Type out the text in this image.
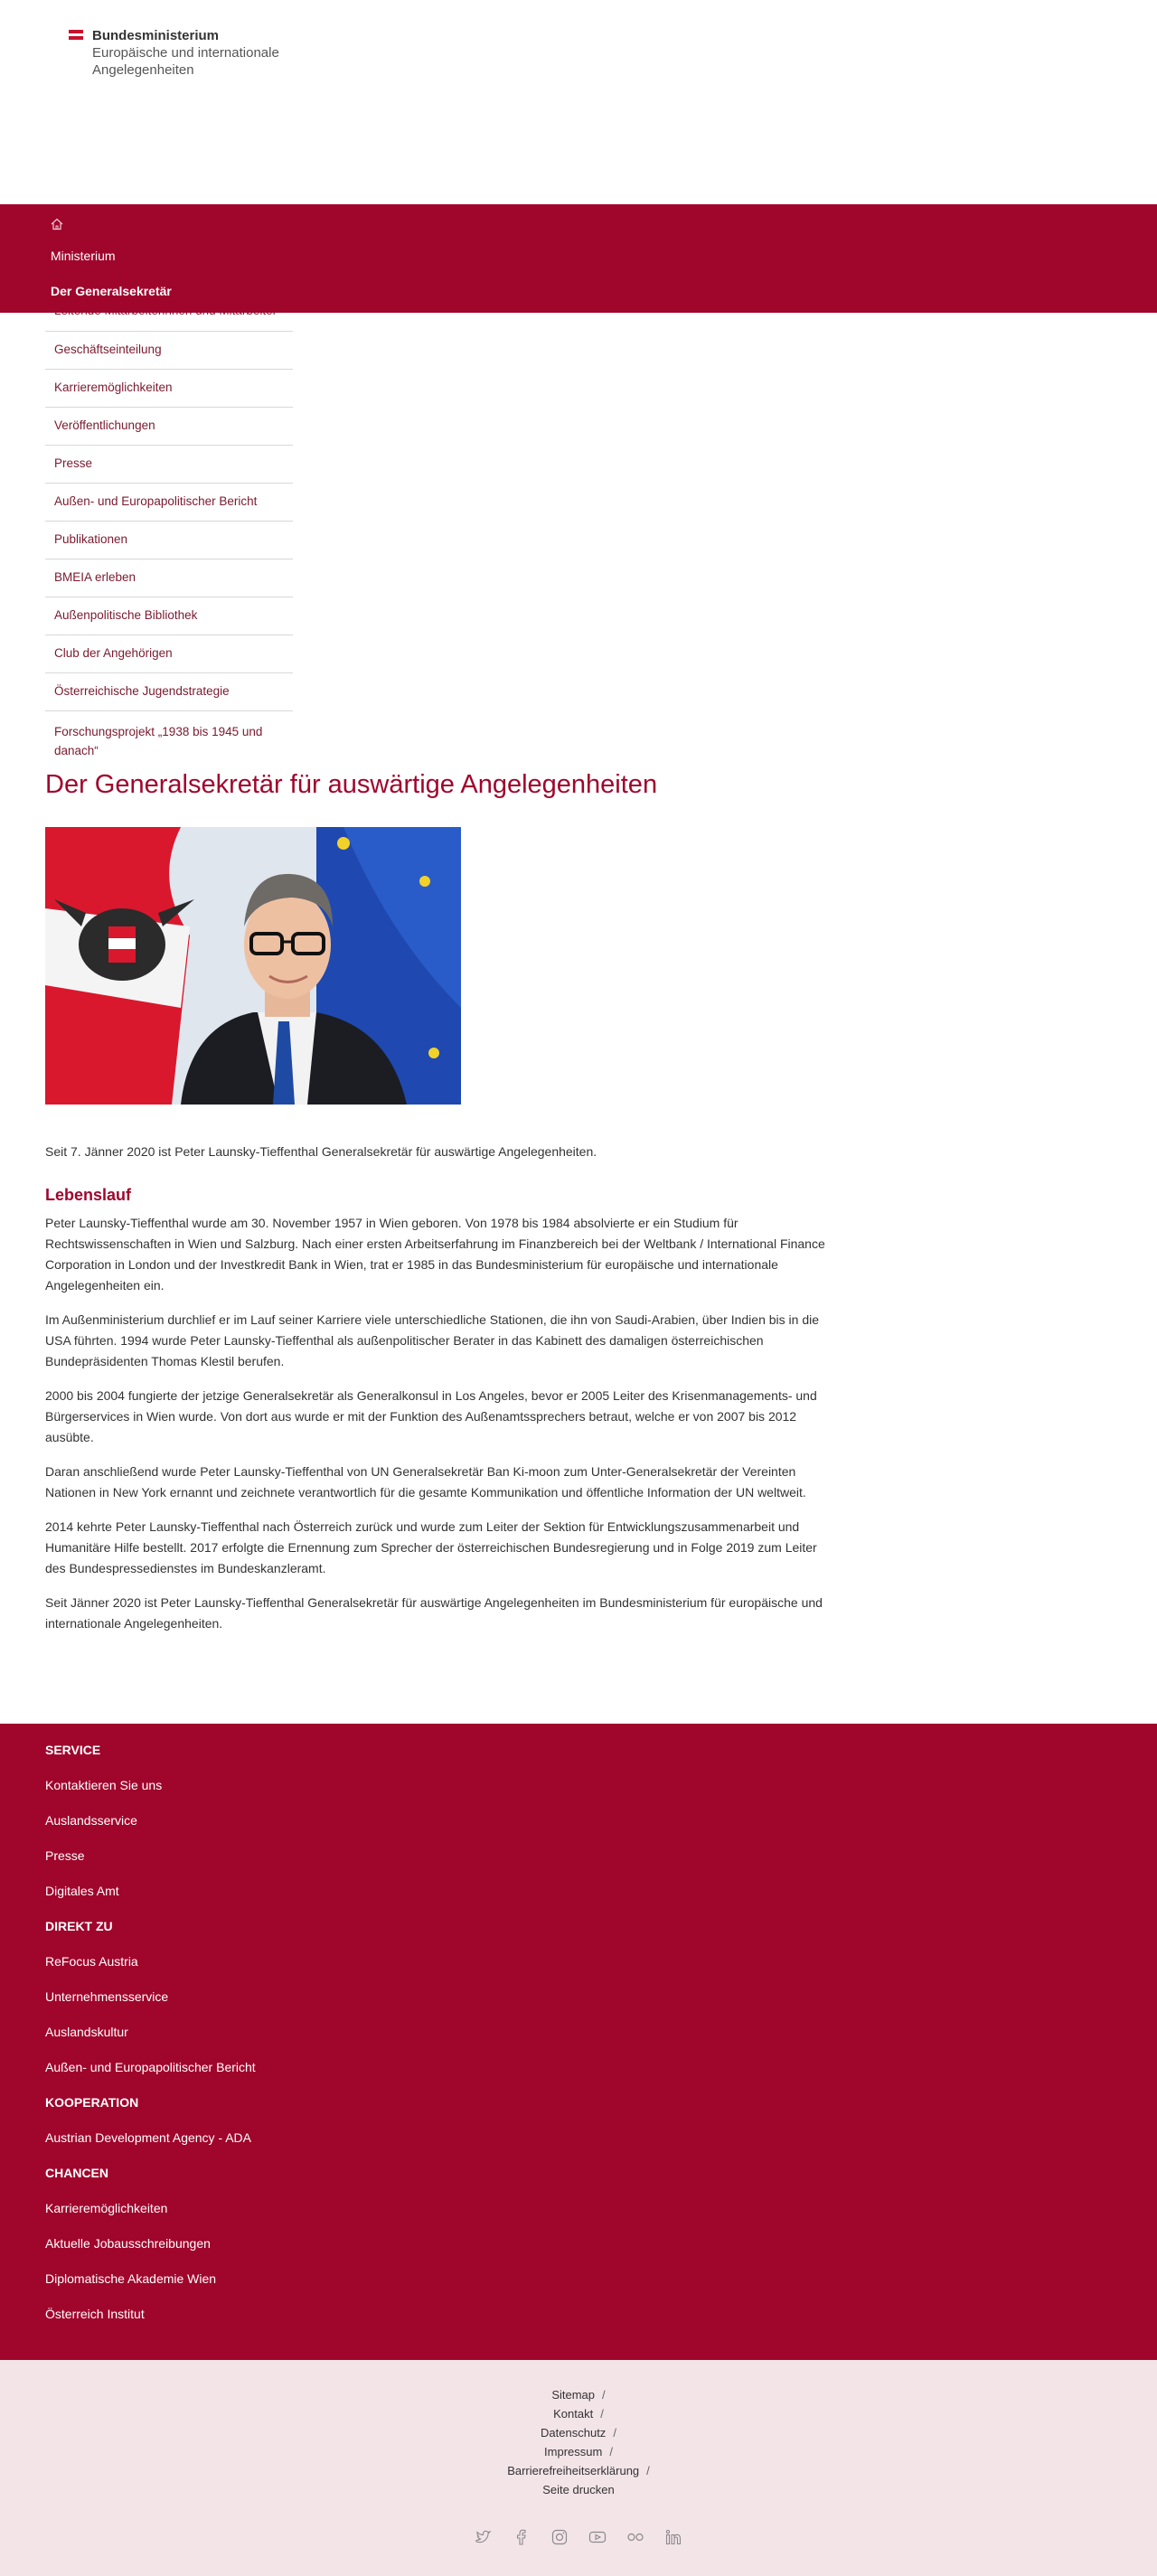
Bundesministerium
Europäische und internationale
Angelegenheiten
Ministerium
Der Generalsekretär
Geschäftseinteilung
Karrieremöglichkeiten
Veröffentlichungen
Presse
Außen- und Europapolitischer Bericht
Publikationen
BMEIA erleben
Außenpolitische Bibliothek
Club der Angehörigen
Österreichische Jugendstrategie
Forschungsprojekt „1938 bis 1945 und danach“
Der Generalsekretär für auswärtige Angelegenheiten

Seit 7. Jänner 2020 ist Peter Launsky-Tieffenthal Generalsekretär für auswärtige Angelegenheiten.

Lebenslauf

Peter Launsky-Tieffenthal wurde am 30. November 1957 in Wien geboren. Von 1978 bis 1984 absolvierte er ein Studium für Rechtswissenschaften in Wien und Salzburg. Nach einer ersten Arbeitserfahrung im Finanzbereich bei der Weltbank / International Finance Corporation in London und der Investkredit Bank in Wien, trat er 1985 in das Bundesministerium für europäische und internationale Angelegenheiten ein.

Im Außenministerium durchlief er im Lauf seiner Karriere viele unterschiedliche Stationen, die ihn von Saudi-Arabien, über Indien bis in die USA führten. 1994 wurde Peter Launsky-Tieffenthal als außenpolitischer Berater in das Kabinett des damaligen österreichischen Bundepräsidenten Thomas Klestil berufen.

2000 bis 2004 fungierte der jetzige Generalsekretär als Generalkonsul in Los Angeles, bevor er 2005 Leiter des Krisenmanagements- und Bürgerservices in Wien wurde. Von dort aus wurde er mit der Funktion des Außenamtssprechers betraut, welche er von 2007 bis 2012 ausübte.

Daran anschließend wurde Peter Launsky-Tieffenthal von UN Generalsekretär Ban Ki-moon zum Unter-Generalsekretär der Vereinten Nationen in New York ernannt und zeichnete verantwortlich für die gesamte Kommunikation und öffentliche Information der UN weltweit.

2014 kehrte Peter Launsky-Tieffenthal nach Österreich zurück und wurde zum Leiter der Sektion für Entwicklungszusammenarbeit und Humanitäre Hilfe bestellt. 2017 erfolgte die Ernennung zum Sprecher der österreichischen Bundesregierung und in Folge 2019 zum Leiter des Bundespressedienstes im Bundeskanzleramt.

Seit Jänner 2020 ist Peter Launsky-Tieffenthal Generalsekretär für auswärtige Angelegenheiten im Bundesministerium für europäische und internationale Angelegenheiten.

SERVICE
Kontaktieren Sie uns
Auslandsservice
Presse
Digitales Amt
DIREKT ZU
ReFocus Austria
Unternehmensservice
Auslandskultur
Außen- und Europapolitischer Bericht
KOOPERATION
Austrian Development Agency - ADA
CHANCEN
Karrieremöglichkeiten
Aktuelle Jobausschreibungen
Diplomatische Akademie Wien
Österreich Institut
Sitemap /
Kontakt /
Datenschutz /
Impressum /
Barrierefreiheitserklärung /
Seite drucken
